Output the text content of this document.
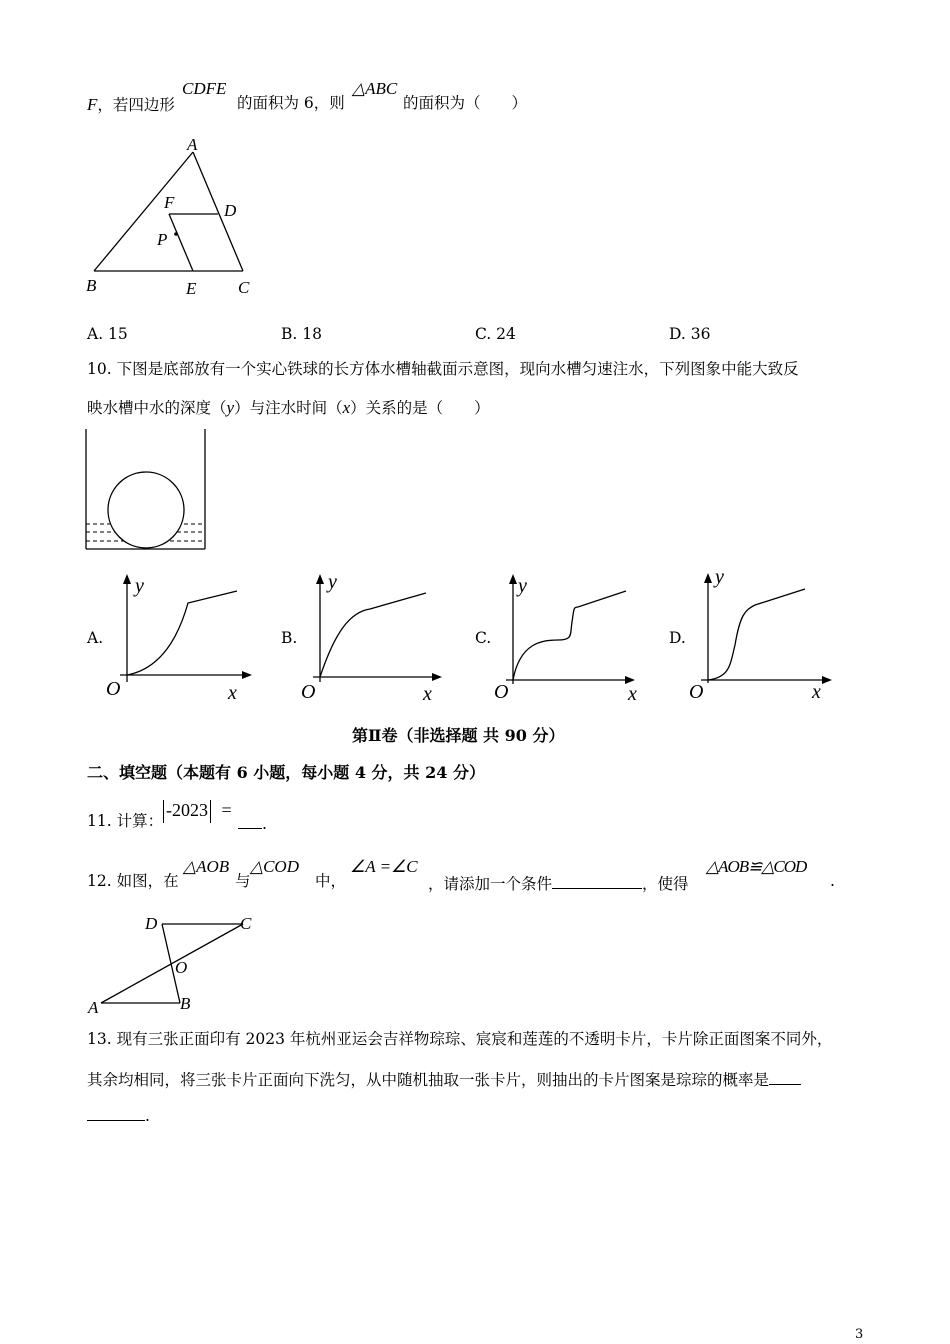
F，若四边形
CDFE
的面积为 6，则
△ABC
的面积为（　　）
A
F	D
P
B	E C
A. 15	B. 18	C. 24	D. 36
10. 下图是底部放有一个实心铁球的长方体水槽轴截面示意图，现向水槽匀速注水，下列图象中能大致反
映水槽中水的深度（y）与注水时间（x）关系的是（　　）
A.
y
x
O
B.
y
x
O
C.
y
x
O
D.
y
x
O
第Ⅱ卷（非选择题 共 90 分）
二、填空题（本题有 6 小题，每小题 4 分，共 24 分）
11. 计算：
-2023 =
.
12. 如图，在
△AOB
与
△COD
中，
∠A =∠C
，请添加一个条件	，使得
△AOB≌△COD
.
D	C
O
A	B
13. 现有三张正面印有 2023 年杭州亚运会吉祥物琮琮、宸宸和莲莲的不透明卡片，卡片除正面图案不同外，
其余均相同，将三张卡片正面向下洗匀，从中随机抽取一张卡片，则抽出的卡片图案是琮琮的概率是
.
3
